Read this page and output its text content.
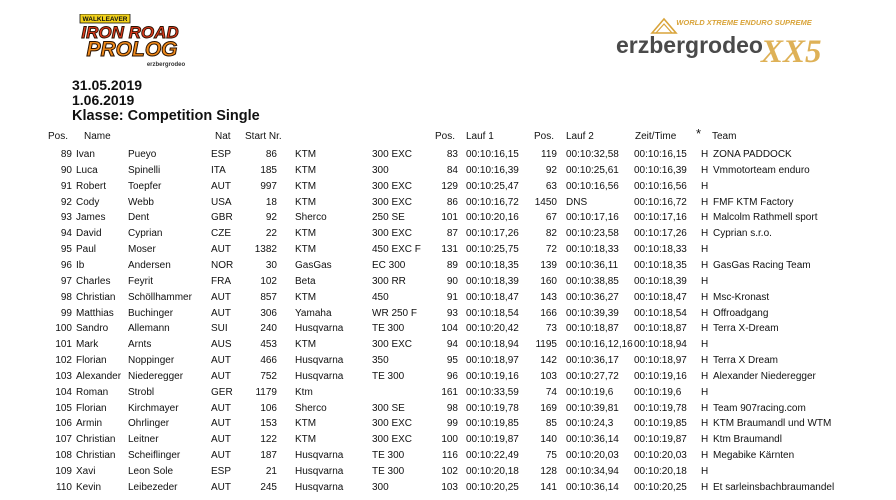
WALKLEAVER
IRON ROAD
PROLOG
erzbergrodeo
WORLD XTREME ENDURO SUPREME
erzbergrodeo
XX5
31.05.2019
1.06.2019
Klasse: Competition Single
Pos. Name	Nat Start Nr.	Pos. Lauf 1	Pos. Lauf 2	Zeit/Time * Team
89 Ivan	Pueyo	ESP	86 KTM	300 EXC	83 00:10:16,15	119 00:10:32,58 00:10:16,15 H ZONA PADDOCK
90 Luca	Spinelli	ITA	185 KTM	300	84 00:10:16,39	92 00:10:25,61 00:10:16,39 H Vmmotorteam enduro
91 Robert Toepfer	AUT	997 KTM	300 EXC	129 00:10:25,47	63 00:10:16,56 00:10:16,56 H
92 Cody	Webb	USA	18 KTM	300 EXC	86 00:10:16,72	1450 DNS	00:10:16,72 H FMF KTM Factory
93 James Dent	GBR	92 Sherco	250 SE	101 00:10:20,16	67 00:10:17,16 00:10:17,16 H Malcolm Rathmell sport
94 David	Cyprian	CZE	22 KTM	300 EXC	87 00:10:17,26	82 00:10:23,58 00:10:17,26 H Cyprian s.r.o.
95 Paul	Moser	AUT	1382 KTM	450 EXC F	131 00:10:25,75	72 00:10:18,33 00:10:18,33 H
96 Ib	Andersen	NOR	30 GasGas	EC 300	89 00:10:18,35	139 00:10:36,11 00:10:18,35 H GasGas Racing Team
97 Charles Feyrit	FRA	102 Beta	300 RR	90 00:10:18,39	160 00:10:38,85 00:10:18,39 H
98 Christian Schöllhammer AUT	857 KTM	450	91 00:10:18,47	143 00:10:36,27 00:10:18,47 H Msc-Kronast
99 Matthias Buchinger	AUT	306 Yamaha	WR 250 F	93 00:10:18,54	166 00:10:39,39 00:10:18,54 H Offroadgang
100 Sandro Allemann	SUI	240 Husqvarna	TE 300	104 00:10:20,42	73 00:10:18,87 00:10:18,87 H Terra X-Dream
101 Mark	Arnts	AUS	453 KTM	300 EXC	94 00:10:18,94	1195 00:10:16,12,16 00:10:18,94 H
102 Florian Noppinger	AUT	466 Husqvarna	350	95 00:10:18,97	142 00:10:36,17 00:10:18,97 H Terra X Dream
103 Alexander Niederegger	AUT	752 Husqvarna	TE 300	96 00:10:19,16	103 00:10:27,72 00:10:19,16 H Alexander Niederegger
104 Roman Strobl	GER	1179 Ktm	161 00:10:33,59	74 00:10:19,6 00:10:19,6 H
105 Florian Kirchmayer	AUT	106 Sherco	300 SE	98 00:10:19,78	169 00:10:39,81 00:10:19,78 H Team 907racing.com
106 Armin	Ohrlinger	AUT	153 KTM	300 EXC	99 00:10:19,85	85 00:10:24,3 00:10:19,85 H KTM Braumandl und WTM
107 Christian Leitner	AUT	122 KTM	300 EXC	100 00:10:19,87	140 00:10:36,14 00:10:19,87 H Ktm Braumandl
108 Christian Scheiflinger	AUT	187 Husqvarna	TE 300	116 00:10:22,49	75 00:10:20,03 00:10:20,03 H Megabike Kärnten
109 Xavi	Leon Sole	ESP	21 Husqvarna	TE 300	102 00:10:20,18	128 00:10:34,94 00:10:20,18 H
110 Kevin	Leibezeder	AUT	245 Husqvarna	300	103 00:10:20,25	141 00:10:36,14 00:10:20,25 H Et sarleinsbachbraumandel
